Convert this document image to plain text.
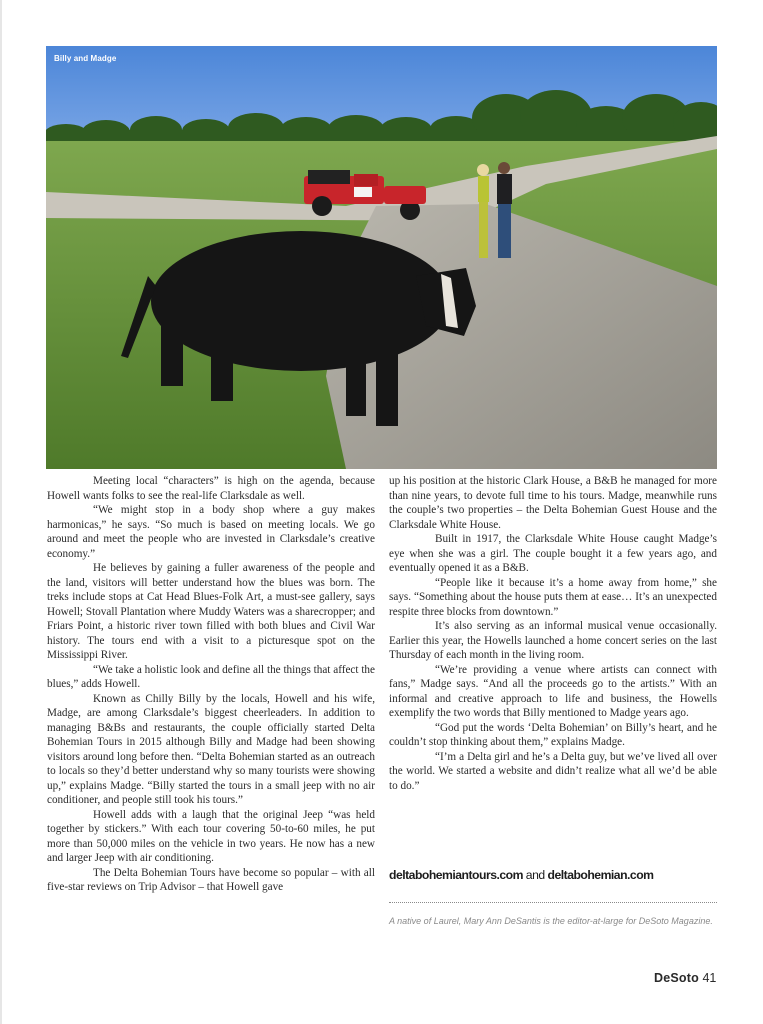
Billy and Madge

Meeting local “characters” is high on the agenda, because Howell wants folks to see the real-life Clarksdale as well.

“We might stop in a body shop where a guy makes harmonicas,” he says. “So much is based on meeting locals. We go around and meet the people who are invested in Clarksdale’s creative economy.”

He believes by gaining a fuller awareness of the people and the land, visitors will better understand how the blues was born. The treks include stops at Cat Head Blues-Folk Art, a must-see gallery, says Howell; Stovall Plantation where Muddy Waters was a sharecropper; and Friars Point, a historic river town filled with both blues and Civil War history. The tours end with a visit to a picturesque spot on the Mississippi River.

“We take a holistic look and define all the things that affect the blues,” adds Howell.

Known as Chilly Billy by the locals, Howell and his wife, Madge, are among Clarksdale’s biggest cheerleaders. In addition to managing B&Bs and restaurants, the couple officially started Delta Bohemian Tours in 2015 although Billy and Madge had been showing visitors around long before then. “Delta Bohemian started as an outreach to locals so they’d better understand why so many tourists were showing up,” explains Madge. “Billy started the tours in a small jeep with no air conditioner, and people still took his tours.”

Howell adds with a laugh that the original Jeep “was held together by stickers.” With each tour covering 50-to-60 miles, he put more than 50,000 miles on the vehicle in two years. He now has a new and larger Jeep with air conditioning.

The Delta Bohemian Tours have become so popular – with all five-star reviews on Trip Advisor – that Howell gave

up his position at the historic Clark House, a B&B he managed for more than nine years, to devote full time to his tours. Madge, meanwhile runs the couple’s two properties – the Delta Bohemian Guest House and the Clarksdale White House.

Built in 1917, the Clarksdale White House caught Madge’s eye when she was a girl. The couple bought it a few years ago, and eventually opened it as a B&B.

“People like it because it’s a home away from home,” she says. “Something about the house puts them at ease… It’s an unexpected respite three blocks from downtown.”

It’s also serving as an informal musical venue occasionally. Earlier this year, the Howells launched a home concert series on the last Thursday of each month in the living room.

“We’re providing a venue where artists can connect with fans,” Madge says. “And all the proceeds go to the artists.” With an informal and creative approach to life and business, the Howells exemplify the two words that Billy mentioned to Madge years ago.

“God put the words ‘Delta Bohemian’ on Billy’s heart, and he couldn’t stop thinking about them,” explains Madge.

“I’m a Delta girl and he’s a Delta guy, but we’ve lived all over the world. We started a website and didn’t realize what all we’d be able to do.”

deltabohemiantours.com and deltabohemian.com
A native of Laurel, Mary Ann DeSantis is the editor-at-large for DeSoto Magazine.
DeSoto 41
